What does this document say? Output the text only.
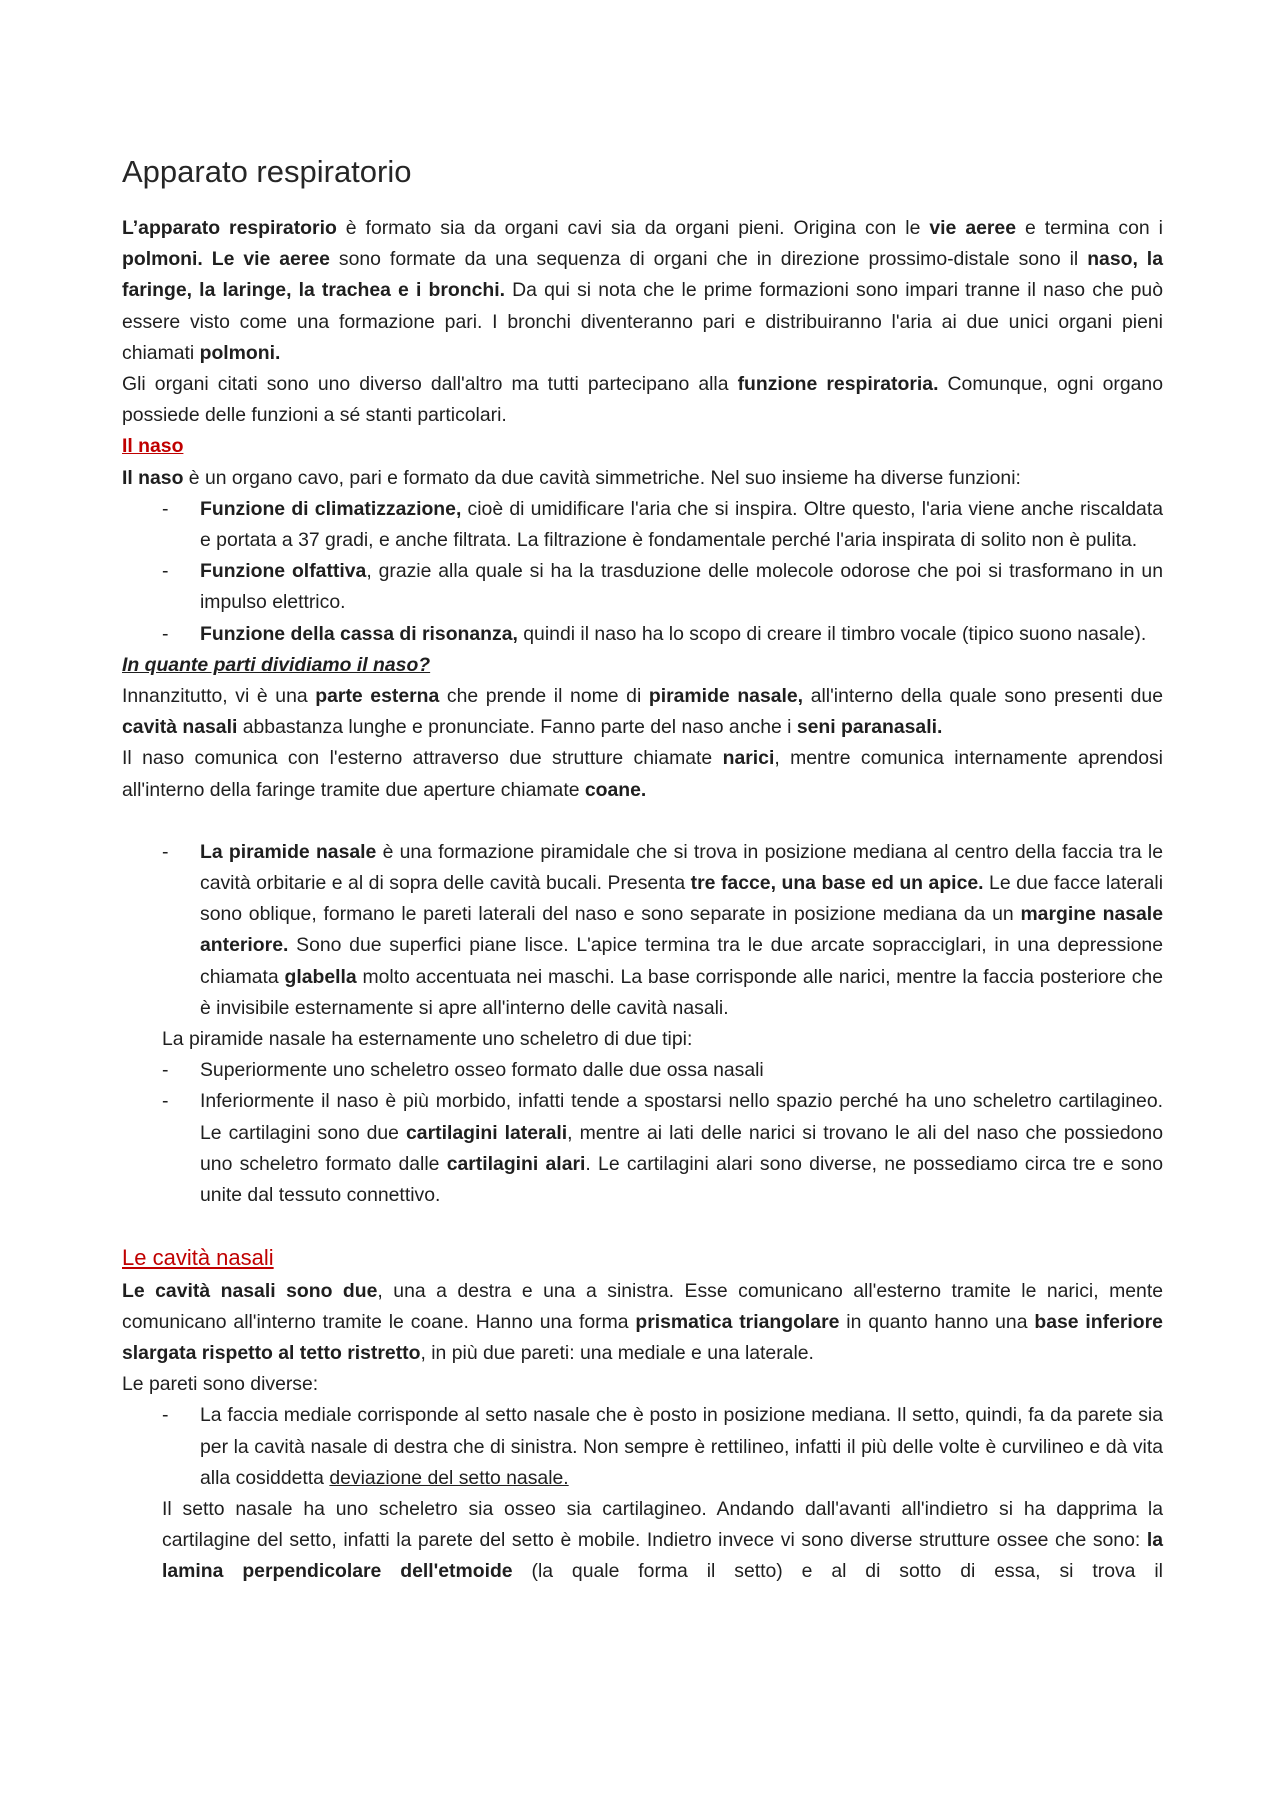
Apparato respiratorio

L’apparato respiratorio è formato sia da organi cavi sia da organi pieni. Origina con le vie aeree e termina con i polmoni. Le vie aeree sono formate da una sequenza di organi che in direzione prossimo-distale sono il naso, la faringe, la laringe, la trachea e i bronchi. Da qui si nota che le prime formazioni sono impari tranne il naso che può essere visto come una formazione pari. I bronchi diventeranno pari e distribuiranno l'aria ai due unici organi pieni chiamati polmoni.

Gli organi citati sono uno diverso dall'altro ma tutti partecipano alla funzione respiratoria. Comunque, ogni organo possiede delle funzioni a sé stanti particolari.

Il naso

Il naso è un organo cavo, pari e formato da due cavità simmetriche. Nel suo insieme ha diverse funzioni:

- Funzione di climatizzazione, cioè di umidificare l'aria che si inspira. Oltre questo, l'aria viene anche riscaldata e portata a 37 gradi, e anche filtrata. La filtrazione è fondamentale perché l'aria inspirata di solito non è pulita.
- Funzione olfattiva, grazie alla quale si ha la trasduzione delle molecole odorose che poi si trasformano in un impulso elettrico.
- Funzione della cassa di risonanza, quindi il naso ha lo scopo di creare il timbro vocale (tipico suono nasale).

In quante parti dividiamo il naso?

Innanzitutto, vi è una parte esterna che prende il nome di piramide nasale, all'interno della quale sono presenti due cavità nasali abbastanza lunghe e pronunciate. Fanno parte del naso anche i seni paranasali.

Il naso comunica con l'esterno attraverso due strutture chiamate narici, mentre comunica internamente aprendosi all'interno della faringe tramite due aperture chiamate coane.

- La piramide nasale è una formazione piramidale che si trova in posizione mediana al centro della faccia tra le cavità orbitarie e al di sopra delle cavità bucali. Presenta tre facce, una base ed un apice. Le due facce laterali sono oblique, formano le pareti laterali del naso e sono separate in posizione mediana da un margine nasale anteriore. Sono due superfici piane lisce. L'apice termina tra le due arcate sopracciglari, in una depressione chiamata glabella molto accentuata nei maschi. La base corrisponde alle narici, mentre la faccia posteriore che è invisibile esternamente si apre all'interno delle cavità nasali.

La piramide nasale ha esternamente uno scheletro di due tipi:

- Superiormente uno scheletro osseo formato dalle due ossa nasali
- Inferiormente il naso è più morbido, infatti tende a spostarsi nello spazio perché ha uno scheletro cartilagineo. Le cartilagini sono due cartilagini laterali, mentre ai lati delle narici si trovano le ali del naso che possiedono uno scheletro formato dalle cartilagini alari. Le cartilagini alari sono diverse, ne possediamo circa tre e sono unite dal tessuto connettivo.

Le cavità nasali

Le cavità nasali sono due, una a destra e una a sinistra. Esse comunicano all'esterno tramite le narici, mente comunicano all'interno tramite le coane. Hanno una forma prismatica triangolare in quanto hanno una base inferiore slargata rispetto al tetto ristretto, in più due pareti: una mediale e una laterale.

Le pareti sono diverse:

- La faccia mediale corrisponde al setto nasale che è posto in posizione mediana. Il setto, quindi, fa da parete sia per la cavità nasale di destra che di sinistra. Non sempre è rettilineo, infatti il più delle volte è curvilineo e dà vita alla cosiddetta deviazione del setto nasale.

Il setto nasale ha uno scheletro sia osseo sia cartilagineo. Andando dall'avanti all'indietro si ha dapprima la cartilagine del setto, infatti la parete del setto è mobile. Indietro invece vi sono diverse strutture ossee che sono: la lamina perpendicolare dell'etmoide (la quale forma il setto) e al di sotto di essa, si trova il
